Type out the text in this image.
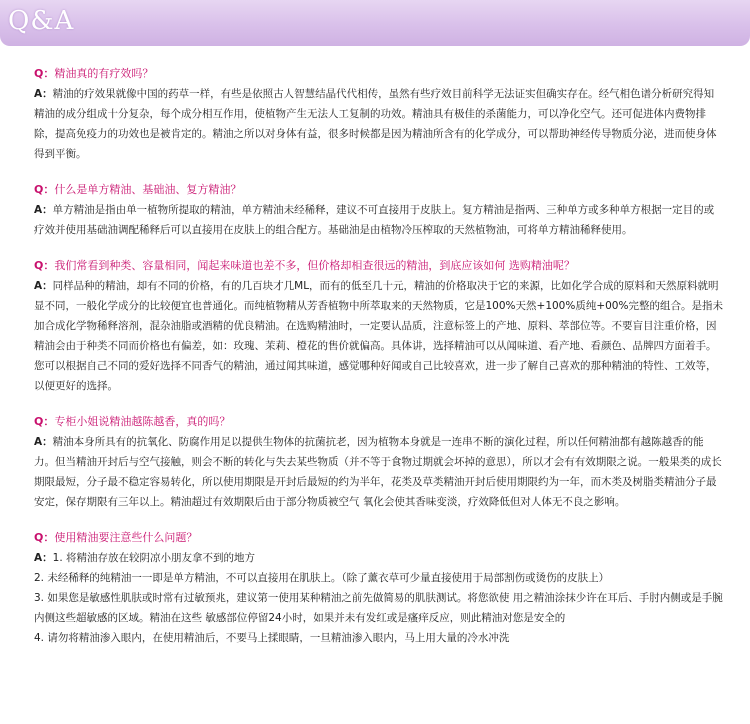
Q&A
Q：精油真的有疗效吗？
A：精油的疗效果就像中国的药草一样，有些是依照古人智慧结晶代代相传，虽然有些疗效目前科学无法证实但确实存在。经气相色谱分析研究得知精油的成分组成十分复杂，每个成分相互作用，使植物产生无法人工复制的功效。精油具有极佳的杀菌能力，可以净化空气。还可促进体内费物排除，提高免疫力的功效也是被肯定的。精油之所以对身体有益，很多时候都是因为精油所含有的化学成分，可以帮助神经传导物质分泌，进而使身体得到平衡。
Q：什么是单方精油、基础油、复方精油？
A：单方精油是指由单一植物所提取的精油，单方精油未经稀释，建议不可直接用于皮肤上。复方精油是指两、三种单方或多种单方根据一定目的或疗效并使用基础油调配稀释后可以直接用在皮肤上的组合配方。基础油是由植物冷压榨取的天然植物油，可将单方精油稀释使用。
Q：我们常看到种类、容量相同，闻起来味道也差不多，但价格却相查很远的精油，到底应该如何 选购精油呢？
A：同样品种的精油，却有不同的价格，有的几百块才几ML，而有的低至几十元，精油的价格取决于它的来源，比如化学合成的原料和天然原料就明显不同，一般化学成分的比较便宜也普通化。而纯植物精从芳香植物中所萃取来的天然物质，它是100%天然+100%质纯+00%完整的组合。是指未加合成化学物稀释溶剂，混杂油脂或酒精的优良精油。在选购精油时，一定要认品质，注意标签上的产地、原料、萃部位等。不要盲目注重价格，因精油会由于种类不同而价格也有偏差，如：玫瑰、茉莉、橙花的售价就偏高。具体讲，选择精油可以从闻味道、看产地、看颜色、品牌四方面着手。您可以根据自己不同的爱好选择不同香气的精油，通过闻其味道，感觉哪种好闻或自己比较喜欢，进一步了解自己喜欢的那种精油的特性、工效等，以便更好的选择。
Q：专柜小姐说精油越陈越香，真的吗？
A：精油本身所具有的抗氧化、防腐作用足以提供生物体的抗菌抗老，因为植物本身就是一连串不断的演化过程，所以任何精油都有越陈越香的能力。但当精油开封后与空气接触，则会不断的转化与失去某些物质（并不等于食物过期就会坏掉的意思），所以才会有有效期限之说。一般果类的成长期限最短，分子最不稳定容易转化，所以使用期限是开封后最短的约为半年，花类及草类精油开封后使用期限约为一年，而木类及树脂类精油分子最安定，保存期限有三年以上。精油超过有效期限后由于部分物质被空气 氧化会使其香味变淡，疗效降低但对人体无不良之影响。
Q：使用精油要注意些什么问题？

A：1. 将精油存放在较阴凉小朋友拿不到的地方

2. 未经稀释的纯精油一一即是单方精油，不可以直接用在肌肤上。（除了薰衣草可少量直接使用于局部割伤或烫伤的皮肤上）

3. 如果您是敏感性肌肤或时常有过敏预兆，建议第一使用某种精油之前先做简易的肌肤测试。将您欲使 用之精油涂抹少许在耳后、手肘内侧或是手腕内侧这些超敏感的区域。精油在这些 敏感部位停留24小时，如果并未有发红或是瘙痒反应，则此精油对您是安全的

4. 请勿将精油渗入眼内，在使用精油后，不要马上揉眼睛，一旦精油渗入眼内，马上用大量的冷水冲洗
